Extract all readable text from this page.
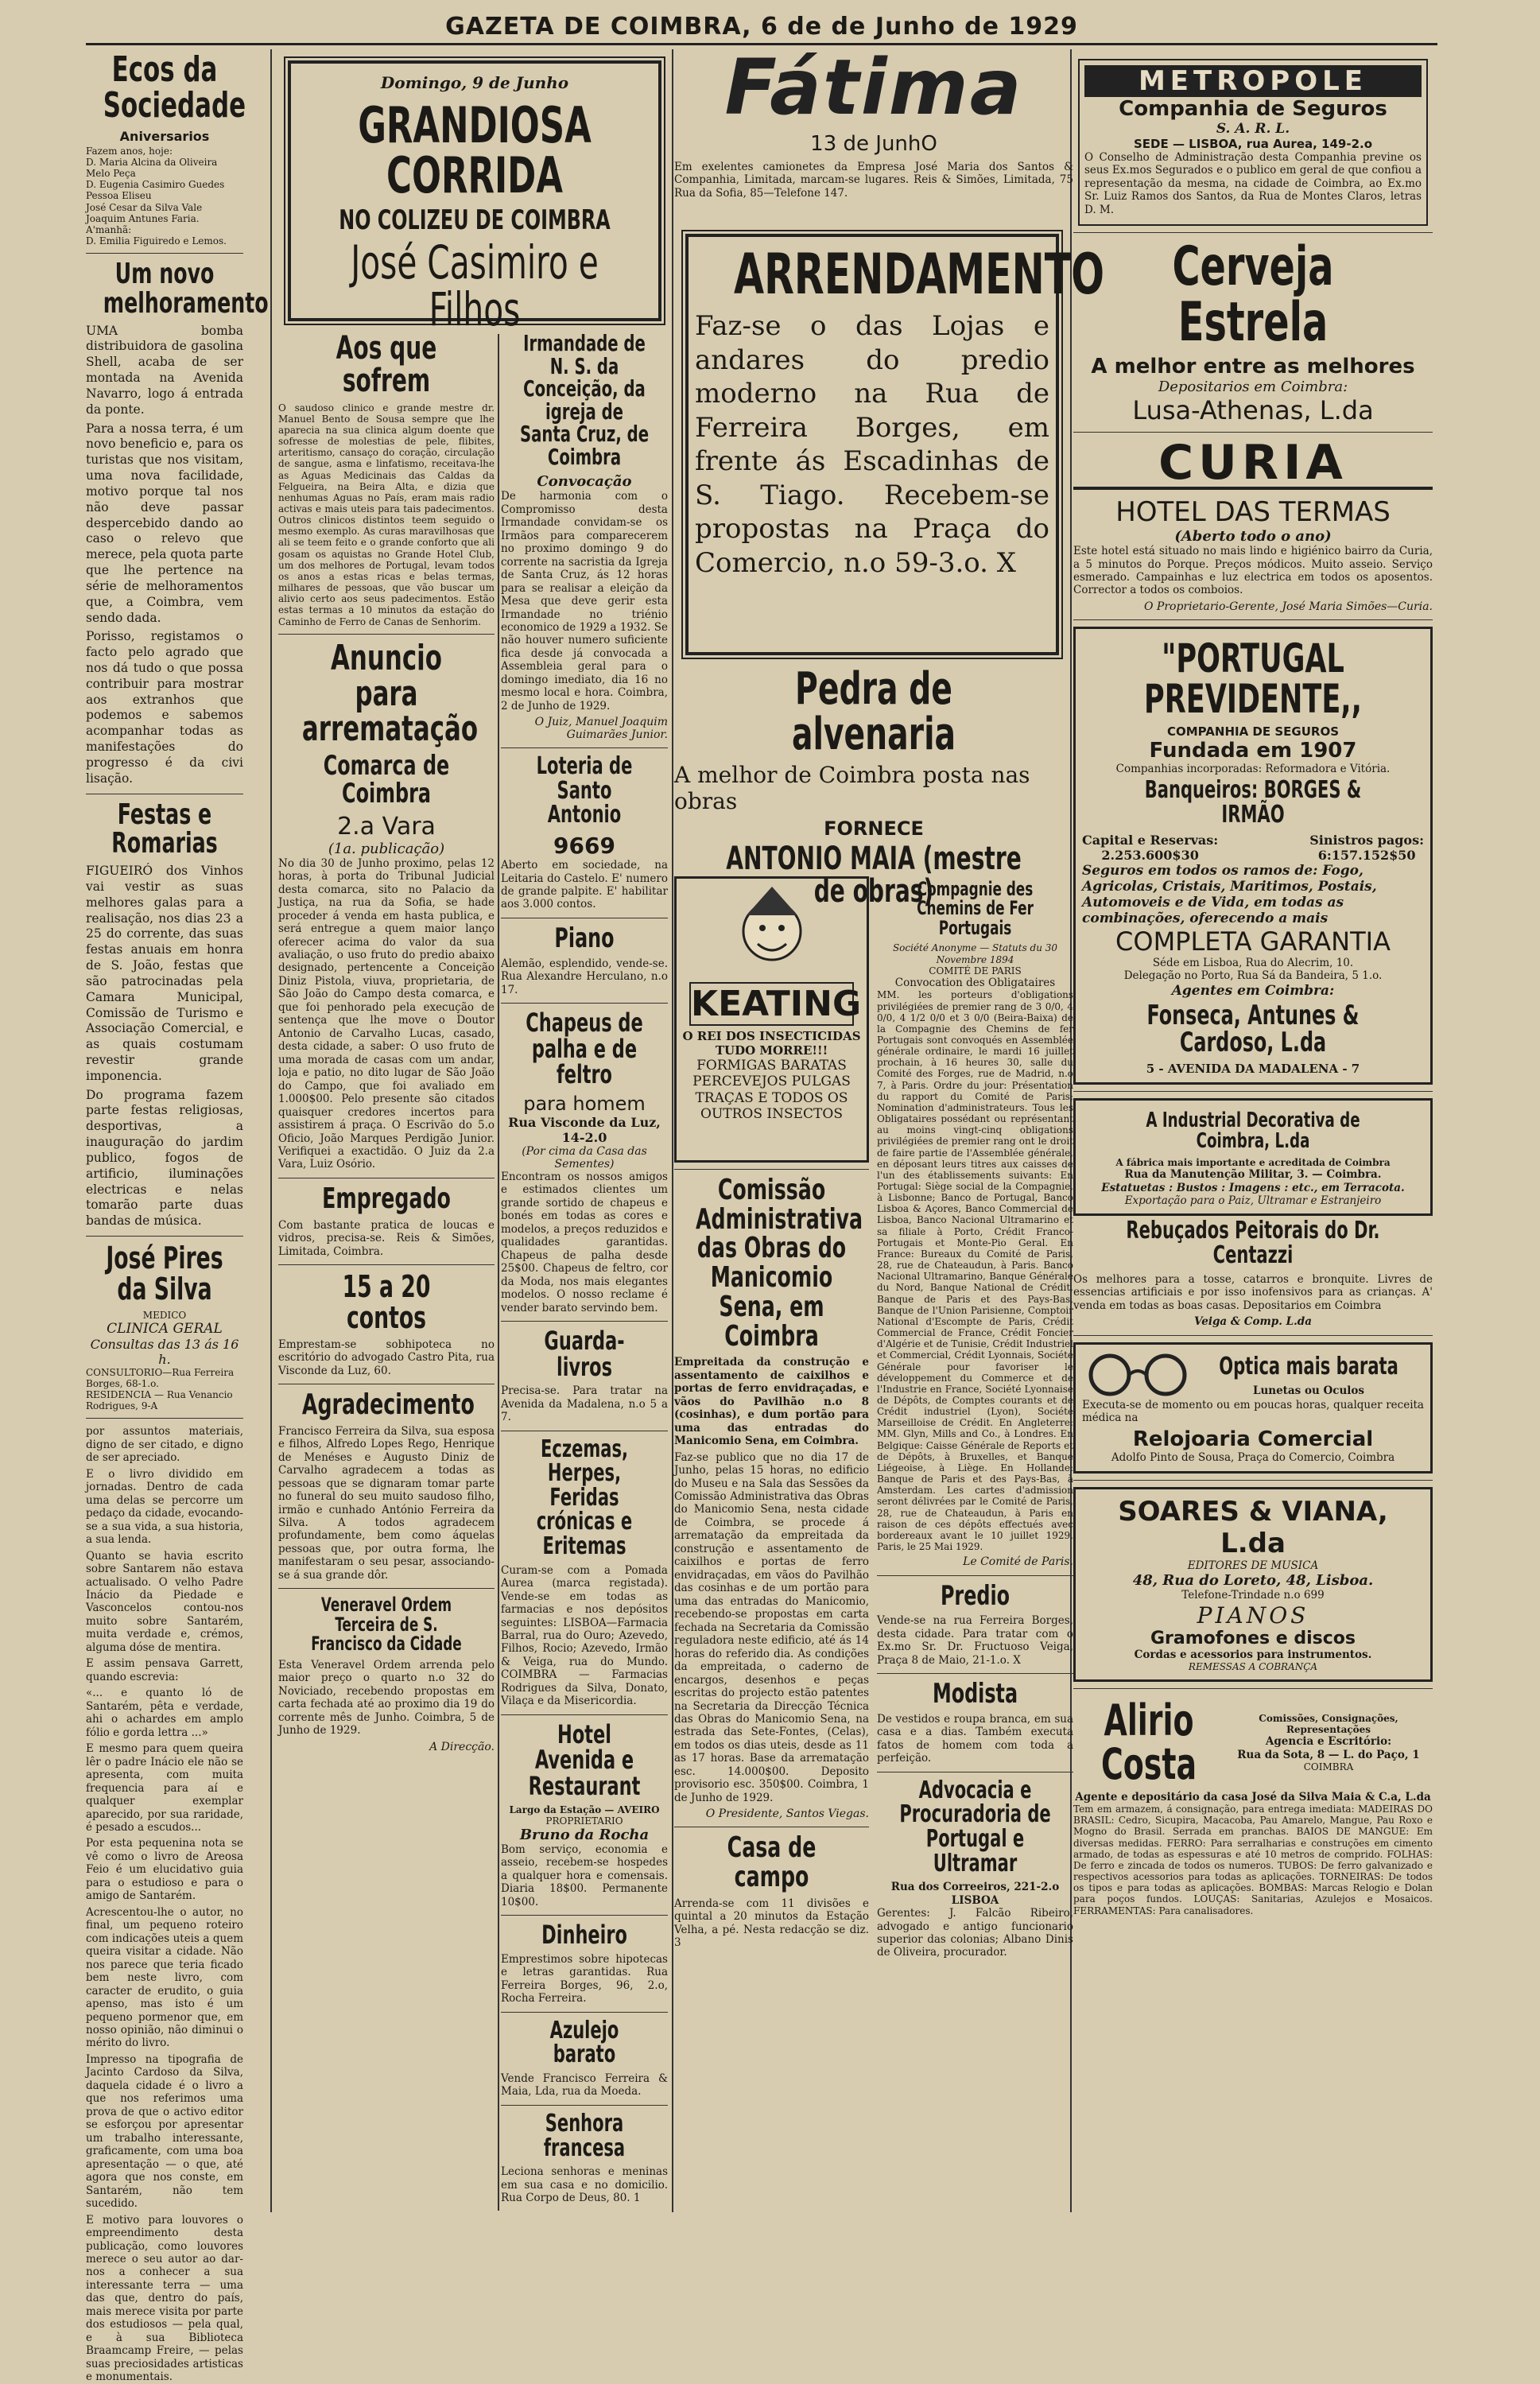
GAZETA DE COIMBRA, 6 de de Junho de 1929
Ecos da Sociedade
Aniversarios
Fazem anos, hoje:
D. Maria Alcina da Oliveira Melo Peça
D. Eugenia Casimiro Guedes Pessoa Eliseu
José Cesar da Silva Vale
Joaquim Antunes Faria.
A'manhã:
D. Emilia Figuiredo e Lemos.
Um novo melhoramento

UMA bomba distribuidora de gasolina Shell, acaba de ser montada na Avenida Navarro, logo á entrada da ponte.

Para a nossa terra, é um novo beneficio e, para os turistas que nos visitam, uma nova facilidade, motivo porque tal nos não deve passar despercebido dando ao caso o relevo que merece, pela quota parte que lhe pertence na série de melhoramentos que, a Coimbra, vem sendo dada.

Porisso, registamos o facto pelo agrado que nos dá tudo o que possa contribuir para mostrar aos extranhos que podemos e sabemos acompanhar todas as manifestações do progresso é da civi lisação.

Festas e Romarias

FIGUEIRÓ dos Vinhos vai vestir as suas melhores galas para a realisação, nos dias 23 a 25 do corrente, das suas festas anuais em honra de S. João, festas que são patrocinadas pela Camara Municipal, Comissão de Turismo e Associação Comercial, e as quais costumam revestir grande imponencia.

Do programa fazem parte festas religiosas, desportivas, a inauguração do jardim publico, fogos de artificio, iluminações electricas e nelas tomarão parte duas bandas de música.

José Pires da Silva
MEDICO
CLINICA GERAL
Consultas das 13 ás 16 h.
CONSULTORIO—Rua Ferreira Borges, 68-1.o.
RESIDENCIA — Rua Venancio Rodrigues, 9-A

por assuntos materiais, digno de ser citado, e digno de ser apreciado.

E o livro dividido em jornadas. Dentro de cada uma delas se percorre um pedaço da cidade, evocando-se a sua vida, a sua historia, a sua lenda.

Quanto se havia escrito sobre Santarem não estava actualisado. O velho Padre Inácio da Piedade e Vasconcelos contou-nos muito sobre Santarém, muita verdade e, crémos, alguma dóse de mentira.

E assim pensava Garrett, quando escrevia:

«... e quanto ló de Santarém, pêta e verdade, ahi o achardes em amplo fólio e gorda lettra ...»

E mesmo para quem queira lêr o padre Inácio ele não se apresenta, com muita frequencia para aí e qualquer exemplar aparecido, por sua raridade, é pesado a escudos...

Por esta pequenina nota se vê como o livro de Areosa Feio é um elucidativo guia para o estudioso e para o amigo de Santarém.

Acrescentou-lhe o autor, no final, um pequeno roteiro com indicações uteis a quem queira visitar a cidade. Não nos parece que teria ficado bem neste livro, com caracter de erudito, o guia apenso, mas isto é um pequeno pormenor que, em nosso opinião, não diminui o mérito do livro.

Impresso na tipografia de Jacinto Cardoso da Silva, daquela cidade é o livro a que nos referimos uma prova de que o activo editor se esforçou por apresentar um trabalho interessante, graficamente, com uma boa apresentação — o que, até agora que nos conste, em Santarém, não tem sucedido.

E motivo para louvores o empreendimento desta publicação, como louvores merece o seu autor ao dar-nos a conhecer a sua interessante terra — uma das que, dentro do país, mais merece visita por parte dos estudiosos — pela qual, e à sua Biblioteca Braamcamp Freire, — pelas suas preciosidades artisticas e monumentais.

Domingo, 9 de Junho
GRANDIOSA CORRIDA
NO COLIZEU DE COIMBRA
José Casimiro e Filhos
Aos que sofrem

O saudoso clinico e grande mestre dr. Manuel Bento de Sousa sempre que lhe aparecia na sua clinica algum doente que sofresse de molestias de pele, flibites, arteritismo, cansaço do coração, circulação de sangue, asma e linfatismo, receitava-lhe as Aguas Medicinais das Caldas da Felgueira, na Beira Alta, e dizia que nenhumas Aguas no País, eram mais radio activas e mais uteis para tais padecimentos. Outros clinicos distintos teem seguido o mesmo exemplo. As curas maravilhosas que ali se teem feito e o grande conforto que ali gosam os aquistas no Grande Hotel Club, um dos melhores de Portugal, levam todos os anos a estas ricas e belas termas, milhares de pessoas, que vão buscar um alivio certo aos seus padecimentos. Estão estas termas a 10 minutos da estação do Caminho de Ferro de Canas de Senhorim.

Anuncio para arrematação
Comarca de Coimbra
2.a Vara
(1a. publicação)

No dia 30 de Junho proximo, pelas 12 horas, à porta do Tribunal Judicial desta comarca, sito no Palacio da Justiça, na rua da Sofia, se hade proceder á venda em hasta publica, e será entregue a quem maior lanço oferecer acima do valor da sua avaliação, o uso fruto do predio abaixo designado, pertencente a Conceição Diniz Pistola, viuva, proprietaria, de São João do Campo desta comarca, e que foi penhorado pela execução de sentença que lhe move o Doutor Antonio de Carvalho Lucas, casado, desta cidade, a saber: O uso fruto de uma morada de casas com um andar, loja e patio, no dito lugar de São João do Campo, que foi avaliado em 1.000$00. Pelo presente são citados quaisquer credores incertos para assistirem á praça. O Escrivão do 5.o Oficio, João Marques Perdigão Junior. Verifiquei a exactidão. O Juiz da 2.a Vara, Luiz Osório.

Empregado

Com bastante pratica de loucas e vidros, precisa-se. Reis & Simões, Limitada, Coimbra.

15 a 20 contos

Emprestam-se sobhipoteca no escritório do advogado Castro Pita, rua Visconde da Luz, 60.

Agradecimento

Francisco Ferreira da Silva, sua esposa e filhos, Alfredo Lopes Rego, Henrique de Menéses e Augusto Diniz de Carvalho agradecem a todas as pessoas que se dignaram tomar parte no funeral do seu muito saudoso filho, irmão e cunhado António Ferreira da Silva. A todos agradecem profundamente, bem como áquelas pessoas que, por outra forma, lhe manifestaram o seu pesar, associando-se á sua grande dôr.

Veneravel Ordem Terceira de S. Francisco da Cidade

Esta Veneravel Ordem arrenda pelo maior preço o quarto n.o 32 do Noviciado, recebendo propostas em carta fechada até ao proximo dia 19 do corrente mês de Junho. Coimbra, 5 de Junho de 1929.

A Direcção.
Irmandade de N. S. da Conceição, da igreja de Santa Cruz, de Coimbra
Convocação

De harmonia com o Compromisso desta Irmandade convidam-se os Irmãos para comparecerem no proximo domingo 9 do corrente na sacristia da Igreja de Santa Cruz, ás 12 horas para se realisar a eleição da Mesa que deve gerir esta Irmandade no triénio economico de 1929 a 1932. Se não houver numero suficiente fica desde já convocada a Assembleia geral para o domingo imediato, dia 16 no mesmo local e hora. Coimbra, 2 de Junho de 1929.

O Juiz, Manuel Joaquim Guimarães Junior.
Loteria de Santo Antonio
9669

Aberto em sociedade, na Leitaria do Castelo. E' numero de grande palpite. E' habilitar aos 3.000 contos.

Piano

Alemão, esplendido, vende-se. Rua Alexandre Herculano, n.o 17.

Chapeus de palha e de feltro
para homem
Rua Visconde da Luz, 14-2.0
(Por cima da Casa das Sementes)

Encontram os nossos amigos e estimados clientes um grande sortido de chapeus e bonés em todas as cores e modelos, a preços reduzidos e qualidades garantidas. Chapeus de palha desde 25$00. Chapeus de feltro, cor da Moda, nos mais elegantes modelos. O nosso reclame é vender barato servindo bem.

Guarda-livros

Precisa-se. Para tratar na Avenida da Madalena, n.o 5 a 7.

Eczemas, Herpes, Feridas crónicas e Eritemas

Curam-se com a Pomada Aurea (marca registada). Vende-se em todas as farmacias e nos depósitos seguintes: LISBOA—Farmacia Barral, rua do Ouro; Azevedo, Filhos, Rocio; Azevedo, Irmão & Veiga, rua do Mundo. COIMBRA — Farmacias Rodrigues da Silva, Donato, Vilaça e da Misericordia.

Hotel Avenida e Restaurant
Largo da Estação — AVEIRO
PROPRIETARIO
Bruno da Rocha

Bom serviço, economia e asseio, recebem-se hospedes a qualquer hora e comensais. Diaria 18$00. Permanente 10$00.

Dinheiro

Emprestimos sobre hipotecas e letras garantidas. Rua Ferreira Borges, 96, 2.o, Rocha Ferreira.

Azulejo barato

Vende Francisco Ferreira & Maia, Lda, rua da Moeda.

Senhora francesa

Leciona senhoras e meninas em sua casa e no domicilio. Rua Corpo de Deus, 80. 1

Fátima
13 de JunhO

Em exelentes camionetes da Empresa José Maria dos Santos & Companhia, Limitada, marcam-se lugares. Reis & Simões, Limitada, 75 Rua da Sofia, 85—Telefone 147.

ARRENDAMENTO
Faz-se o das Lojas e andares do predio moderno na Rua de Ferreira Borges, em frente ás Escadinhas de S. Tiago. Recebem-se propostas na Praça do Comercio, n.o 59-3.o. X
Pedra de alvenaria
A melhor de Coimbra posta nas obras
FORNECE
ANTONIO MAIA (mestre de obras)
KEATING
O REI DOS INSECTICIDAS TUDO MORRE!!!
FORMIGAS BARATAS PERCEVEJOS PULGAS TRAÇAS E TODOS OS OUTROS INSECTOS
Comissão Administrativa das Obras do Manicomio Sena, em Coimbra

Empreitada da construção e assentamento de caixilhos e portas de ferro envidraçadas, e vãos do Pavilhão n.o 8 (cosinhas), e dum portão para uma das entradas do Manicomio Sena, em Coimbra.

Faz-se publico que no dia 17 de Junho, pelas 15 horas, no edificio do Museu e na Sala das Sessões da Comissão Administrativa das Obras do Manicomio Sena, nesta cidade de Coimbra, se procede á arrematação da empreitada da construção e assentamento de caixilhos e portas de ferro envidraçadas, em vãos do Pavilhão das cosinhas e de um portão para uma das entradas do Manicomio, recebendo-se propostas em carta fechada na Secretaria da Comissão reguladora neste edificio, até ás 14 horas do referido dia. As condições da empreitada, o caderno de encargos, desenhos e peças escritas do projecto estão patentes na Secretaria da Direcção Técnica das Obras do Manicomio Sena, na estrada das Sete-Fontes, (Celas), em todos os dias uteis, desde as 11 as 17 horas. Base da arrematação esc. 14.000$00. Deposito provisorio esc. 350$00. Coimbra, 1 de Junho de 1929.

O Presidente, Santos Viegas.
Casa de campo

Arrenda-se com 11 divisões e quintal a 20 minutos da Estação Velha, a pé. Nesta redacção se diz. 3

Compagnie des Chemins de Fer Portugais
Société Anonyme — Statuts du 30 Novembre 1894
COMITÉ DE PARIS
Convocation des Obligataires

MM. les porteurs d'obligations privilégiées de premier rang de 3 0/0, 4 0/0, 4 1/2 0/0 et 3 0/0 (Beira-Baixa) de la Compagnie des Chemins de fer Portugais sont convoqués en Assemblée générale ordinaire, le mardi 16 juillet prochain, à 16 heures 30, salle du Comité des Forges, rue de Madrid, n.o 7, à Paris. Ordre du jour: Présentation du rapport du Comité de Paris; Nomination d'administrateurs. Tous les Obligataires possédant ou représentant au moins vingt-cinq obligations privilégiées de premier rang ont le droit de faire partie de l'Assemblée générale, en déposant leurs titres aux caisses de l'un des établissements suivants: En Portugal: Siège social de la Compagnie, à Lisbonne; Banco de Portugal, Banco Lisboa & Açores, Banco Commercial de Lisboa, Banco Nacional Ultramarino et sa filiale à Porto, Crédit Franco-Portugais et Monte-Pio Geral. En France: Bureaux du Comité de Paris, 28, rue de Chateaudun, à Paris. Banco Nacional Ultramarino, Banque Générale du Nord, Banque National de Crédit, Banque de Paris et des Pays-Bas, Banque de l'Union Parisienne, Comptoir National d'Escompte de Paris, Crédit Commercial de France, Crédit Foncier d'Algérie et de Tunisie, Crédit Industriel et Commercial, Crédit Lyonnais, Société Générale pour favoriser le développement du Commerce et de l'Industrie en France, Société Lyonnaise de Dépôts, de Comptes courants et de Crédit industriel (Lyon), Société Marseilloise de Crédit. En Angleterre: MM. Glyn, Mills and Co., à Londres. En Belgique: Caisse Générale de Reports et de Dépôts, à Bruxelles, et Banque Liégeoise, à Liège. En Hollande: Banque de Paris et des Pays-Bas, à Amsterdam. Les cartes d'admission seront délivrées par le Comité de Paris, 28, rue de Chateaudun, à Paris en raison de ces dépôts effectués avec bordereaux avant le 10 juillet 1929. Paris, le 25 Mai 1929.

Le Comité de Paris.
Predio

Vende-se na rua Ferreira Borges, desta cidade. Para tratar com o Ex.mo Sr. Dr. Fructuoso Veiga, Praça 8 de Maio, 21-1.o. X

Modista

De vestidos e roupa branca, em sua casa e a dias. Também executa fatos de homem com toda a perfeição.

Advocacia e Procuradoria de Portugal e Ultramar
Rua dos Correeiros, 221-2.o LISBOA

Gerentes: J. Falcão Ribeiro, advogado e antigo funcionario superior das colonias; Albano Dinis de Oliveira, procurador.

METROPOLE
Companhia de Seguros
S. A. R. L.
SEDE — LISBOA, rua Aurea, 149-2.o

O Conselho de Administração desta Companhia previne os seus Ex.mos Segurados e o publico em geral de que confiou a representação da mesma, na cidade de Coimbra, ao Ex.mo Sr. Luiz Ramos dos Santos, da Rua de Montes Claros, letras D. M.

Cerveja Estrela
A melhor entre as melhores
Depositarios em Coimbra:
Lusa-Athenas, L.da
CURIA
HOTEL DAS TERMAS
(Aberto todo o ano)

Este hotel está situado no mais lindo e higiénico bairro da Curia, a 5 minutos do Porque. Preços módicos. Muito asseio. Serviço esmerado. Campainhas e luz electrica em todos os aposentos. Corrector a todos os comboios.

O Proprietario-Gerente, José Maria Simões—Curia.
"PORTUGAL PREVIDENTE,,
COMPANHIA DE SEGUROS
Fundada em 1907
Companhias incorporadas: Reformadora e Vitória.
Banqueiros: BORGES & IRMÃO
Capital e Reservas:
2.253.600$30
Sinistros pagos:
6:157.152$50
Seguros em todos os ramos de: Fogo, Agricolas, Cristais, Maritimos, Postais, Automoveis e de Vida, em todas as combinações, oferecendo a mais
COMPLETA GARANTIA
Séde em Lisboa, Rua do Alecrim, 10.
Delegação no Porto, Rua Sá da Bandeira, 5 1.o.
Agentes em Coimbra:
Fonseca, Antunes & Cardoso, L.da
5 - AVENIDA DA MADALENA - 7
A Industrial Decorativa de Coimbra, L.da
A fábrica mais importante e acreditada de Coimbra
Rua da Manutenção Militar, 3. — Coimbra.
Estatuetas : Bustos : Imagens : etc., em Terracota.
Exportação para o Paiz, Ultramar e Estranjeiro
Rebuçados Peitorais do Dr. Centazzi

Os melhores para a tosse, catarros e bronquite. Livres de essencias artificiais e por isso inofensivos para as crianças. A' venda em todas as boas casas. Depositarios em Coimbra

Veiga & Comp. L.da
Optica mais barata
Lunetas ou Oculos

Executa-se de momento ou em poucas horas, qualquer receita médica na

Relojoaria Comercial
Adolfo Pinto de Sousa, Praça do Comercio, Coimbra
SOARES & VIANA, L.da
EDITORES DE MUSICA
48, Rua do Loreto, 48, Lisboa.
Telefone-Trindade n.o 699
PIANOS
Gramofones e discos
Cordas e acessorios para instrumentos.
REMESSAS A COBRANÇA
Alirio Costa
Comissões, Consignações, Representações
Agencia e Escritório:
Rua da Sota, 8 — L. do Paço, 1
COIMBRA
Agente e depositário da casa José da Silva Maia & C.a, L.da

Tem em armazem, á consignação, para entrega imediata: MADEIRAS DO BRASIL: Cedro, Sicupira, Macacoba, Pau Amarelo, Mangue, Pau Roxo e Mogno do Brasil. Serrada em pranchas. BAIOS DE MANGUE: Em diversas medidas. FERRO: Para serralharias e construções em cimento armado, de todas as espessuras e até 10 metros de comprido. FOLHAS: De ferro e zincada de todos os numeros. TUBOS: De ferro galvanizado e respectivos acessorios para todas as aplicações. TORNEIRAS: De todos os tipos e para todas as aplicações. BOMBAS: Marcas Relogio e Dolan para poços fundos. LOUÇAS: Sanitarias, Azulejos e Mosaicos. FERRAMENTAS: Para canalisadores.
